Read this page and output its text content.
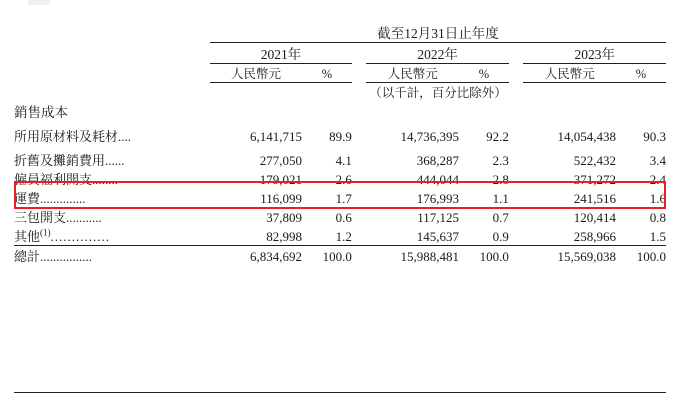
	截至12月31日止年度							
	2021年			2022年			2023年	
	人民幣元	%		人民幣元	%		人民幣元	%
	（以千計，百分比除外）							
銷售成本								
所用原材料及耗材....	6,141,715	89.9		14,736,395	92.2		14,054,438	90.3
折舊及攤銷費用......	277,050	4.1		368,287	2.3		522,432	3.4
僱員福利開支........	179,021	2.6		444,044	2.8		371,272	2.4
運費..............	116,099	1.7		176,993	1.1		241,516	1.6
三包開支...........	37,809	0.6		117,125	0.7		120,414	0.8
其他$^{(1)}$..............	82,998	1.2		145,637	0.9		258,966	1.5
總計................	6,834,692	100.0		15,988,481	100.0		15,569,038	100.0
